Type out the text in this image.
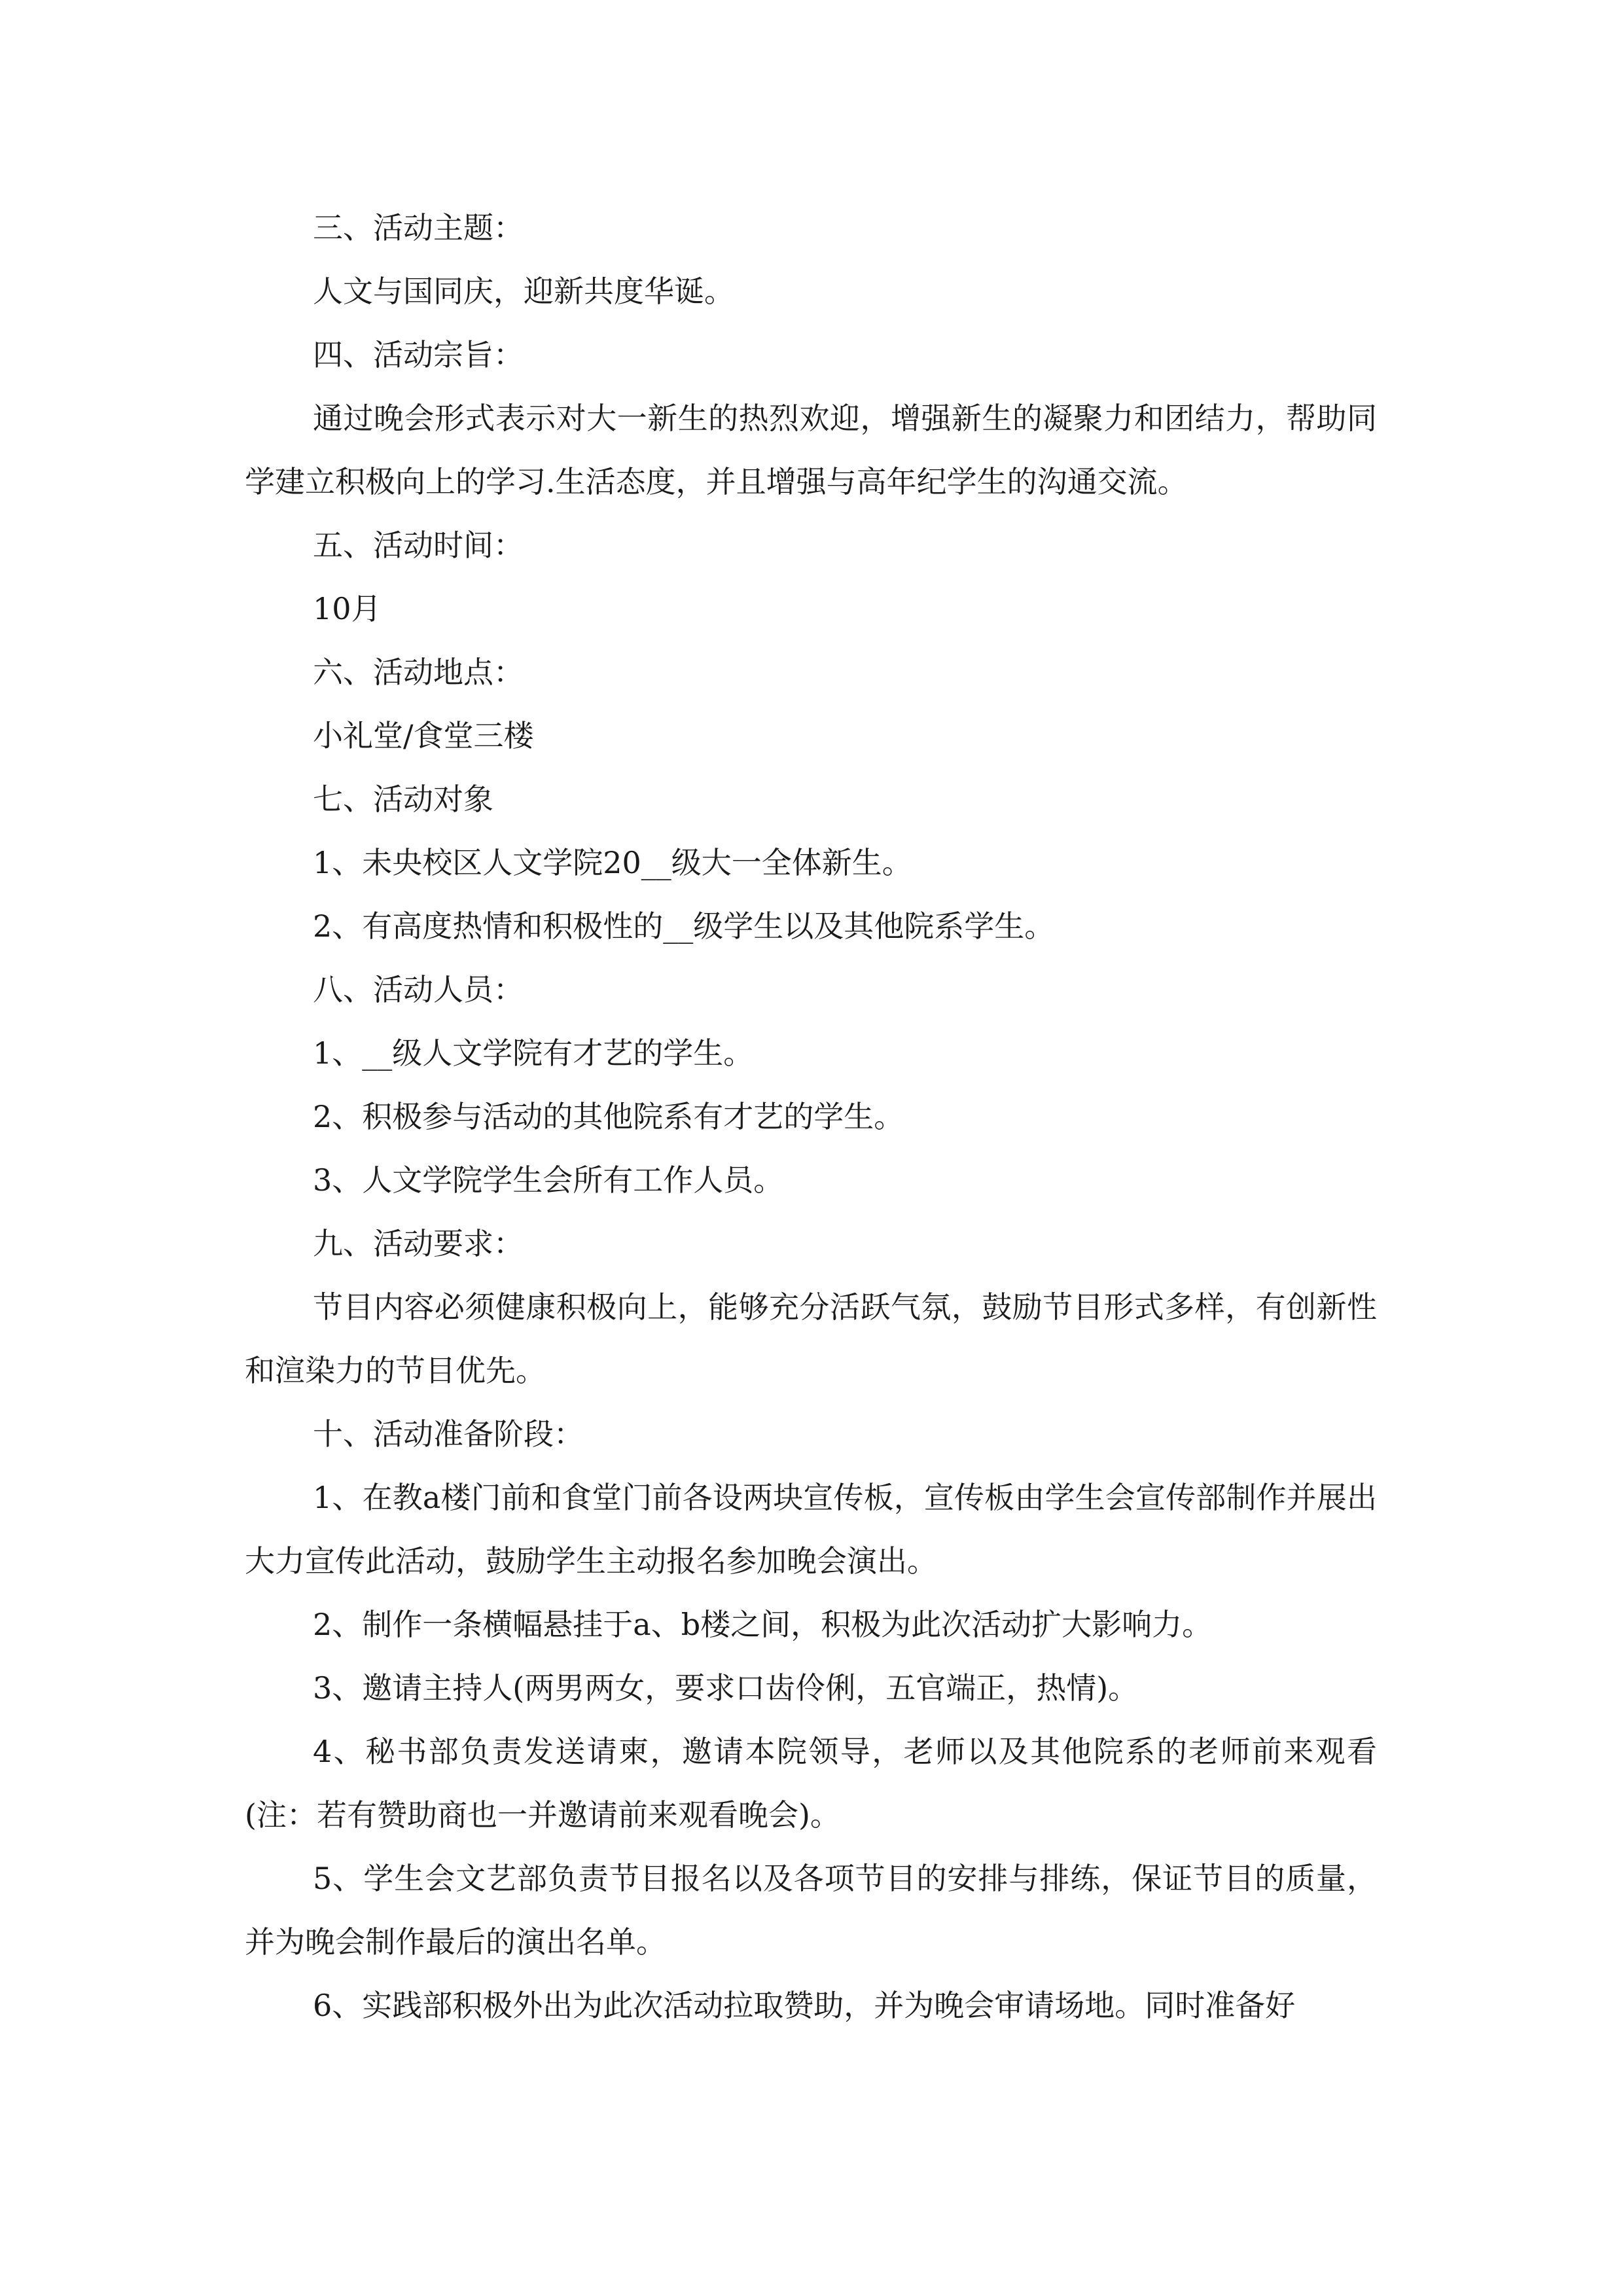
三、活动主题：

人文与国同庆，迎新共度华诞。

四、活动宗旨：

通过晚会形式表示对大一新生的热烈欢迎，增强新生的凝聚力和团结力，帮助同学建立积极向上的学习.生活态度，并且增强与高年纪学生的沟通交流。

五、活动时间：

10月

六、活动地点：

小礼堂/食堂三楼

七、活动对象

1、未央校区人文学院20__级大一全体新生。

2、有高度热情和积极性的__级学生以及其他院系学生。

八、活动人员：

1、__级人文学院有才艺的学生。

2、积极参与活动的其他院系有才艺的学生。

3、人文学院学生会所有工作人员。

九、活动要求：

节目内容必须健康积极向上，能够充分活跃气氛，鼓励节目形式多样，有创新性和渲染力的节目优先。

十、活动准备阶段：

1、在教a楼门前和食堂门前各设两块宣传板，宣传板由学生会宣传部制作并展出大力宣传此活动，鼓励学生主动报名参加晚会演出。

2、制作一条横幅悬挂于a、b楼之间，积极为此次活动扩大影响力。

3、邀请主持人(两男两女，要求口齿伶俐，五官端正，热情)。

4、秘书部负责发送请柬，邀请本院领导，老师以及其他院系的老师前来观看(注：若有赞助商也一并邀请前来观看晚会)。

5、学生会文艺部负责节目报名以及各项节目的安排与排练，保证节目的质量，并为晚会制作最后的演出名单。

6、实践部积极外出为此次活动拉取赞助，并为晚会审请场地。同时准备好
